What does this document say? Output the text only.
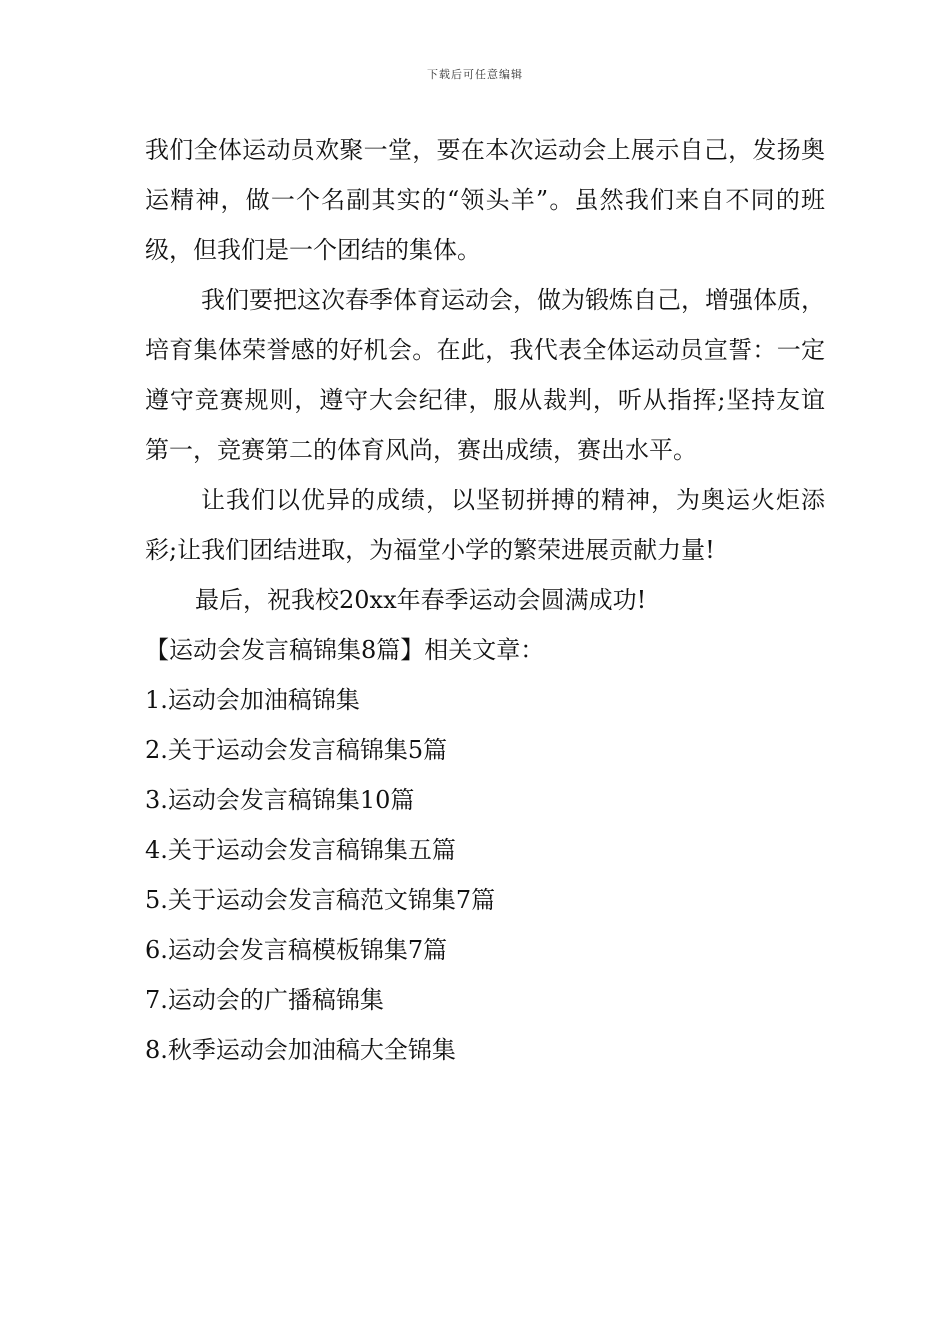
下载后可任意编辑

我们全体运动员欢聚一堂，要在本次运动会上展示自己，发扬奥运精神，做一个名副其实的“领头羊”。虽然我们来自不同的班级，但我们是一个团结的集体。

我们要把这次春季体育运动会，做为锻炼自己，增强体质，培育集体荣誉感的好机会。在此，我代表全体运动员宣誓：一定遵守竞赛规则，遵守大会纪律，服从裁判，听从指挥;坚持友谊第一，竞赛第二的体育风尚，赛出成绩，赛出水平。

让我们以优异的成绩，以坚韧拼搏的精神，为奥运火炬添彩;让我们团结进取，为福堂小学的繁荣进展贡献力量!

最后，祝我校20xx年春季运动会圆满成功!

【运动会发言稿锦集8篇】相关文章：

1.运动会加油稿锦集
2.关于运动会发言稿锦集5篇
3.运动会发言稿锦集10篇
4.关于运动会发言稿锦集五篇
5.关于运动会发言稿范文锦集7篇
6.运动会发言稿模板锦集7篇
7.运动会的广播稿锦集
8.秋季运动会加油稿大全锦集
